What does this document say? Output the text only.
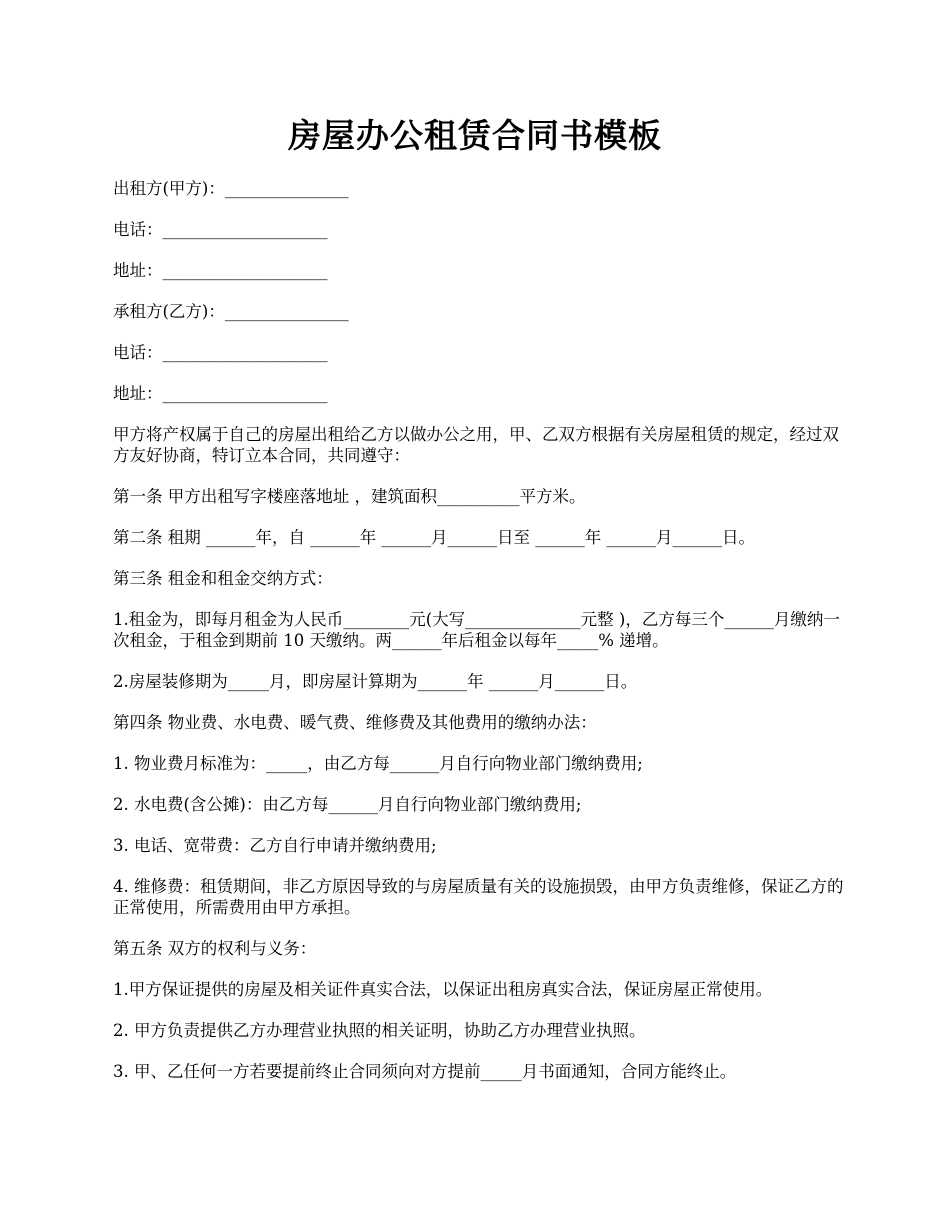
房屋办公租赁合同书模板

出租方(甲方)：_______________

电话：____________________

地址：____________________

承租方(乙方)：_______________

电话：____________________

地址：____________________

甲方将产权属于自己的房屋出租给乙方以做办公之用，甲、乙双方根据有关房屋租赁的规定，经过双方友好协商，特订立本合同，共同遵守：

第一条 甲方出租写字楼座落地址 ，建筑面积__________平方米。

第二条 租期 ______年，自 ______年 ______月______日至 ______年 ______月______日。

第三条 租金和租金交纳方式：

1.租金为，即每月租金为人民币________元(大写______________元整 )，乙方每三个______月缴纳一次租金，于租金到期前 10 天缴纳。两______年后租金以每年_____% 递增。

2.房屋装修期为_____月，即房屋计算期为______年 ______月______日。

第四条 物业费、水电费、暖气费、维修费及其他费用的缴纳办法：

1. 物业费月标准为：_____，由乙方每______月自行向物业部门缴纳费用;

2. 水电费(含公摊)：由乙方每______月自行向物业部门缴纳费用;

3. 电话、宽带费：乙方自行申请并缴纳费用;

4. 维修费：租赁期间，非乙方原因导致的与房屋质量有关的设施损毁，由甲方负责维修，保证乙方的正常使用，所需费用由甲方承担。

第五条 双方的权利与义务：

1.甲方保证提供的房屋及相关证件真实合法，以保证出租房真实合法，保证房屋正常使用。

2. 甲方负责提供乙方办理营业执照的相关证明，协助乙方办理营业执照。

3. 甲、乙任何一方若要提前终止合同须向对方提前_____月书面通知，合同方能终止。
